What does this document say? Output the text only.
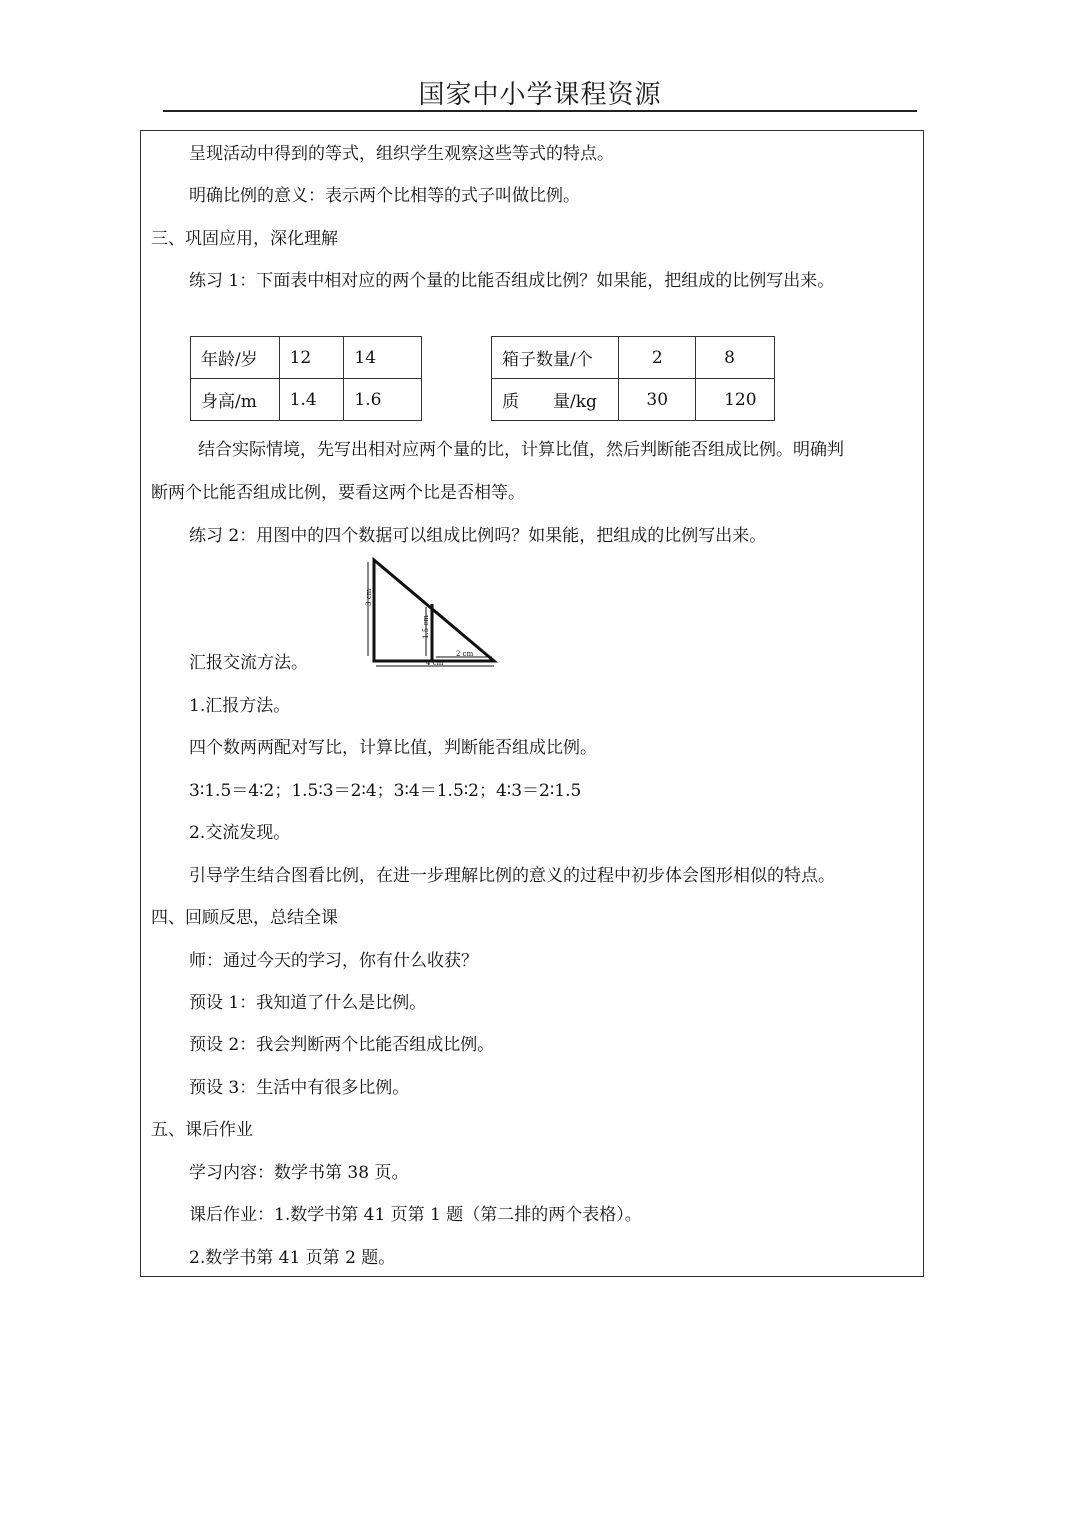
国家中小学课程资源
呈现活动中得到的等式，组织学生观察这些等式的特点。
明确比例的意义：表示两个比相等的式子叫做比例。
三、巩固应用，深化理解
练习 1：下面表中相对应的两个量的比能否组成比例？如果能，把组成的比例写出来。
年龄/岁	12	14
身高/m	1.4	1.6
箱子数量/个	2	8
质　　量/kg	30	120
结合实际情境，先写出相对应两个量的比，计算比值，然后判断能否组成比例。明确判
断两个比能否组成比例，要看这两个比是否相等。
练习 2：用图中的四个数据可以组成比例吗？如果能，把组成的比例写出来。
3 cm
1.5 cm
2 cm
4 cm
汇报交流方法。
1.汇报方法。
四个数两两配对写比，计算比值，判断能否组成比例。
3∶1.5＝4∶2；1.5∶3＝2∶4；3∶4＝1.5∶2；4∶3＝2∶1.5
2.交流发现。
引导学生结合图看比例，在进一步理解比例的意义的过程中初步体会图形相似的特点。
四、回顾反思，总结全课
师：通过今天的学习，你有什么收获？
预设 1：我知道了什么是比例。
预设 2：我会判断两个比能否组成比例。
预设 3：生活中有很多比例。
五、课后作业
学习内容：数学书第 38 页。
课后作业：1.数学书第 41 页第 1 题（第二排的两个表格）。
2.数学书第 41 页第 2 题。
